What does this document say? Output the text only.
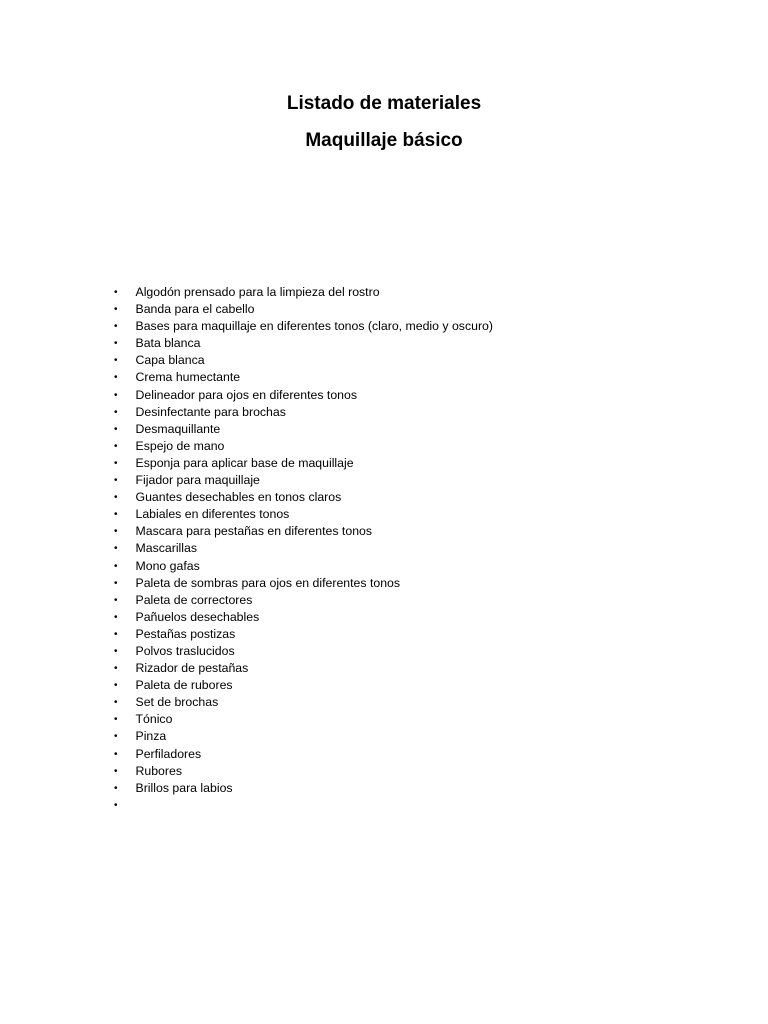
Listado de materiales
Maquillaje básico
• Algodón prensado para la limpieza del rostro
• Banda para el cabello
• Bases para maquillaje en diferentes tonos (claro, medio y oscuro)
• Bata blanca
• Capa blanca
• Crema humectante
• Delineador para ojos en diferentes tonos
• Desinfectante para brochas
• Desmaquillante
• Espejo de mano
• Esponja para aplicar base de maquillaje
• Fijador para maquillaje
• Guantes desechables en tonos claros
• Labiales en diferentes tonos
• Mascara para pestañas en diferentes tonos
• Mascarillas
• Mono gafas
• Paleta de sombras para ojos en diferentes tonos
• Paleta de correctores
• Pañuelos desechables
• Pestañas postizas
• Polvos traslucidos
• Rizador de pestañas
• Paleta de rubores
• Set de brochas
• Tónico
• Pinza
• Perfiladores
• Rubores
• Brillos para labios
•
